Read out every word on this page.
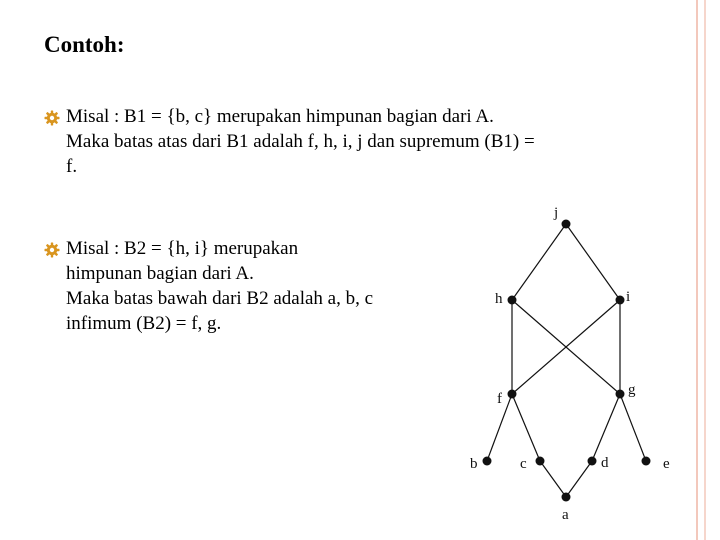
Contoh:
Misal : B1 = {b, c} merupakan himpunan bagian dari A.
Maka batas atas dari B1 adalah f, h, i, j dan supremum (B1) =
f.
Misal : B2 = {h, i} merupakan
himpunan bagian dari A.
Maka batas bawah dari B2 adalah a, b, c
infimum (B2) = f, g.
j
h	i
f
g
b	c	d	e
a
